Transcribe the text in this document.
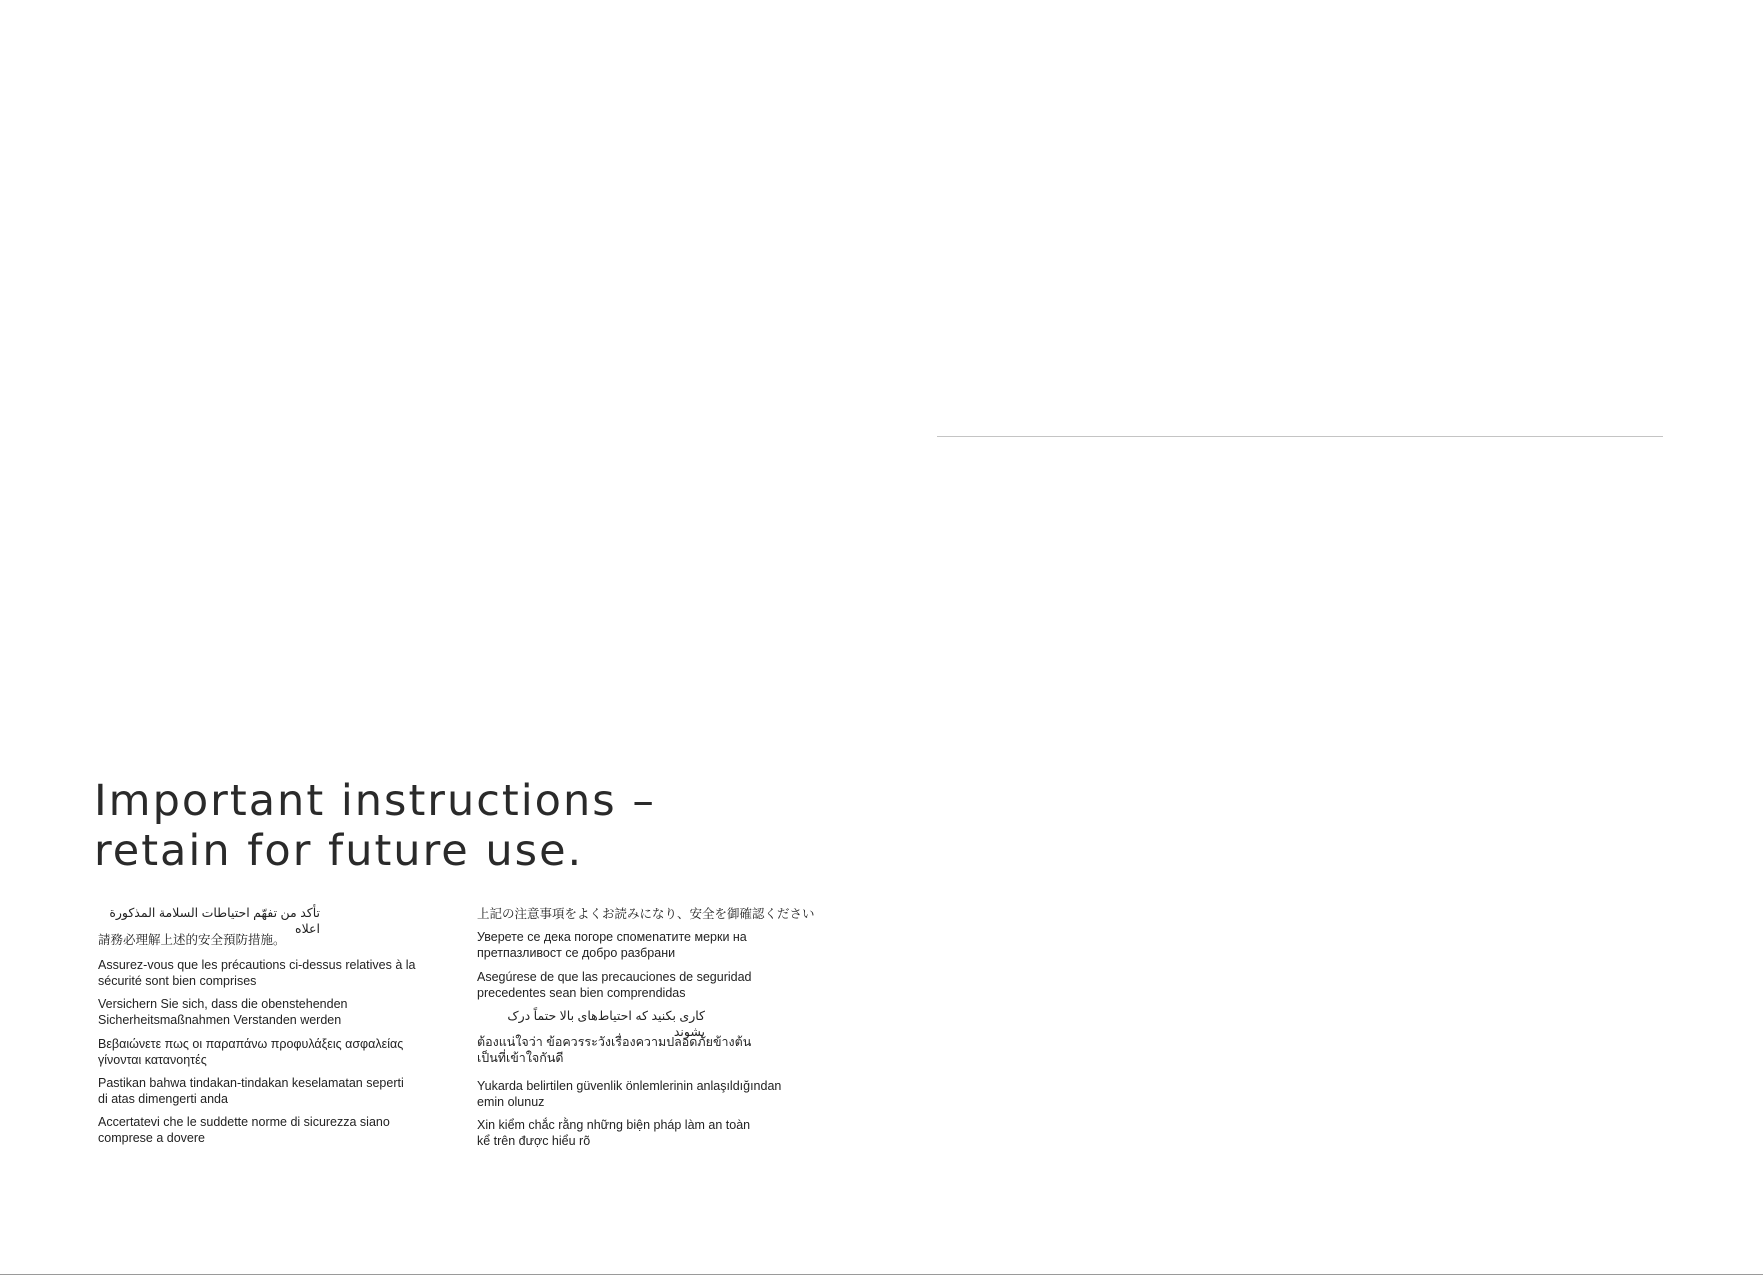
Important instructions –
retain for future use.
تأكد من تفهّم احتياطات السلامة المذكورة اعلاه
請務必理解上述的安全預防措施。
Assurez-vous que les précautions ci-dessus relatives à la
sécurité sont bien comprises
Versichern Sie sich, dass die obenstehenden
Sicherheitsmaßnahmen Verstanden werden
Βεβαιώνετε πως οι παραπάνω προφυλάξεις ασφαλείας
γίνονται κατανοητές
Pastikan bahwa tindakan-tindakan keselamatan seperti
di atas dimengerti anda
Accertatevi che le suddette norme di sicurezza siano
comprese a dovere
上記の注意事項をよくお読みになり、安全を御確認ください
Уверете се дека погоре спомenатите мерки на
претпазливост се добро разбрани
Asegúrese de que las precauciones de seguridad
precedentes sean bien comprendidas
کاری بکنید که احتیاط‌های بالا حتماً درک بشوند
ต้องแน่ใจว่า ข้อควรระวังเรื่องความปลอดภัยข้างต้น
เป็นที่เข้าใจกันดี
Yukarda belirtilen güvenlik önlemlerinin anlaşıldığından
emin olunuz
Xin kiểm chắc rằng những biện pháp làm an toàn
kể trên được hiểu rõ
